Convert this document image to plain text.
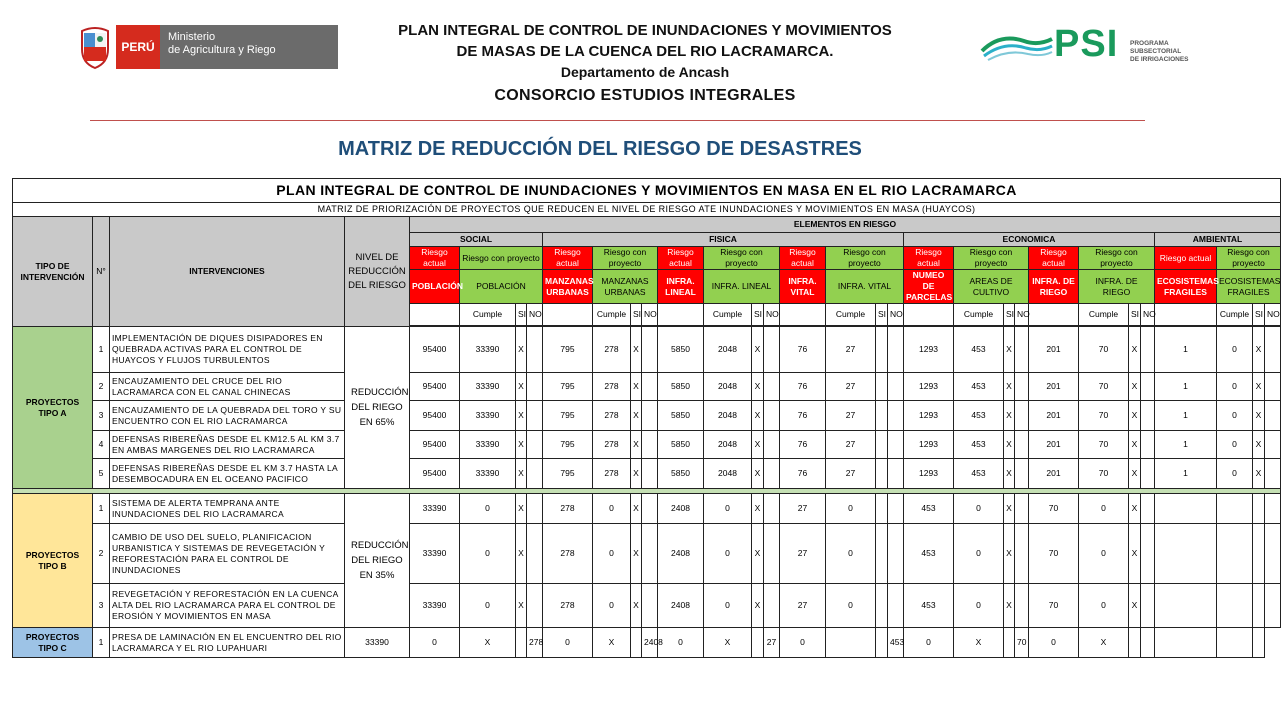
PERÚ
Ministerio
de Agricultura y Riego
PLAN INTEGRAL DE CONTROL DE INUNDACIONES Y MOVIMIENTOS
DE MASAS DE LA CUENCA DEL RIO LACRAMARCA.
Departamento de Ancash
CONSORCIO ESTUDIOS INTEGRALES
PSI PROGRAMA
SUBSECTORIAL
DE IRRIGACIONES
MATRIZ DE REDUCCIÓN DEL RIESGO DE DESASTRES
PLAN INTEGRAL DE CONTROL DE INUNDACIONES Y MOVIMIENTOS EN MASA EN EL RIO LACRAMARCA																															
MATRIZ DE PRIORIZACIÓN DE PROYECTOS QUE REDUCEN EL NIVEL DE RIESGO ATE INUNDACIONES Y MOVIMIENTOS EN MASA (HUAYCOS)																															
TIPO DE INTERVENCIÓN	N°	INTERVENCIONES	NIVEL DE REDUCCIÓN DEL RIESGO	ELEMENTOS EN RIESGO																											
				SOCIAL				FISICA												ECONOMICA								AMBIENTAL			
				Riesgo actual	Riesgo con proyecto			Riesgo actual	Riesgo con proyecto			Riesgo actual	Riesgo con proyecto			Riesgo actual	Riesgo con proyecto			Riesgo actual	Riesgo con proyecto			Riesgo actual	Riesgo con proyecto			Riesgo actual	Riesgo con proyecto		
				POBLACIÓN	POBLACIÓN			MANZANAS URBANAS	MANZANAS URBANAS			INFRA. LINEAL	INFRA. LINEAL			INFRA. VITAL	INFRA. VITAL			NUMEO DE PARCELAS	AREAS DE CULTIVO			INFRA. DE RIEGO	INFRA. DE RIEGO			ECOSISTEMAS FRAGILES	ECOSISTEMAS FRAGILES		
					Cumple	SI	NO		Cumple	SI	NO		Cumple	SI	NO		Cumple	SI	NO		Cumple	SI	NO		Cumple	SI	NO		Cumple	SI	NO

PROYECTOS TIPO A	1	IMPLEMENTACIÓN DE DIQUES DISIPADORES EN QUEBRADA ACTIVAS PARA EL CONTROL DE HUAYCOS Y FLUJOS TURBULENTOS	REDUCCIÓN DEL RIEGO EN 65%	95400	33390	X		795	278	X		5850	2048	X		76	27			1293	453	X		201	70	X		1	0	X	
	2	ENCAUZAMIENTO DEL CRUCE DEL RIO LACRAMARCA CON EL CANAL CHINECAS		95400	33390	X		795	278	X		5850	2048	X		76	27			1293	453	X		201	70	X		1	0	X	
	3	ENCAUZAMIENTO DE LA QUEBRADA DEL TORO Y SU ENCUENTRO CON EL RIO LACRAMARCA		95400	33390	X		795	278	X		5850	2048	X		76	27			1293	453	X		201	70	X		1	0	X	
	4	DEFENSAS RIBEREÑAS DESDE EL KM12.5 AL KM 3.7 EN AMBAS MARGENES DEL RIO LACRAMARCA		95400	33390	X		795	278	X		5850	2048	X		76	27			1293	453	X		201	70	X		1	0	X	
	5	DEFENSAS RIBEREÑAS DESDE EL KM 3.7 HASTA LA DESEMBOCADURA EN EL OCEANO PACIFICO		95400	33390	X		795	278	X		5850	2048	X		76	27			1293	453	X		201	70	X		1	0	X	

PROYECTOS TIPO B	1	SISTEMA DE ALERTA TEMPRANA ANTE INUNDACIONES DEL RIO LACRAMARCA	REDUCCIÓN DEL RIEGO EN 35%	33390	0	X		278	0	X		2408	0	X		27	0			453	0	X		70	0	X					
	2	CAMBIO DE USO DEL SUELO, PLANIFICACION URBANISTICA Y SISTEMAS DE REVEGETACIÓN Y REFORESTACIÓN PARA EL CONTROL DE INUNDACIONES		33390	0	X		278	0	X		2408	0	X		27	0			453	0	X		70	0	X					
	3	REVEGETACIÓN Y REFORESTACIÓN EN LA CUENCA ALTA DEL RIO LACRAMARCA PARA EL CONTROL DE EROSIÓN Y MOVIMIENTOS EN MASA		33390	0	X		278	0	X		2408	0	X		27	0			453	0	X		70	0	X					
PROYECTOS TIPO C	1	PRESA DE LAMINACIÓN EN EL ENCUENTRO DEL RIO LACRAMARCA Y EL RIO LUPAHUARI	33390	0	X		278	0	X		2408	0	X		27	0			453	0	X		70	0	X						
